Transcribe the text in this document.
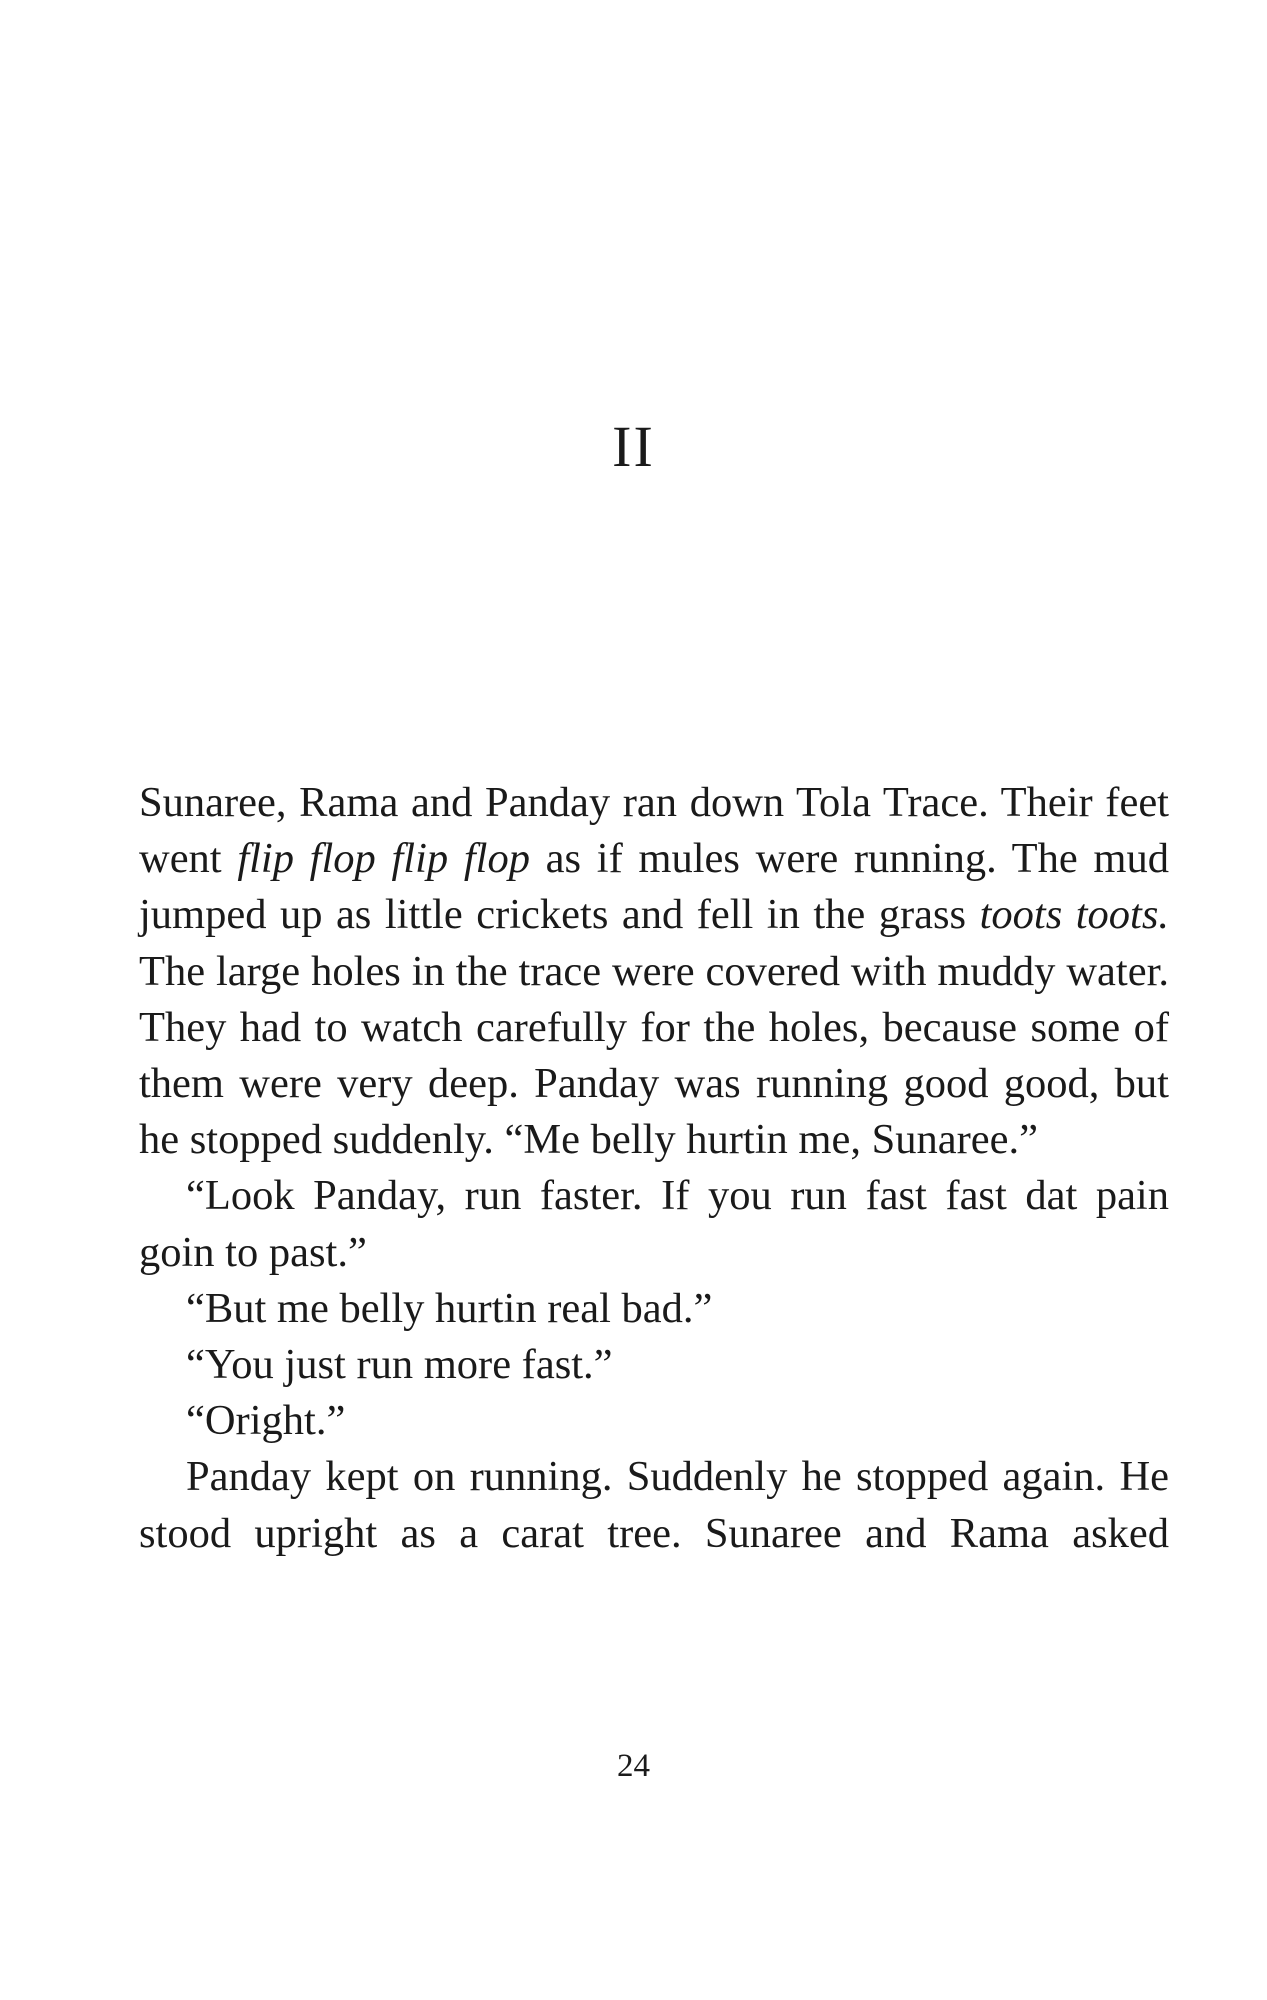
II

Sunaree, Rama and Panday ran down Tola Trace. Their feet went flip flop flip flop as if mules were running. The mud jumped up as little crickets and fell in the grass toots toots. The large holes in the trace were covered with muddy water. They had to watch carefully for the holes, because some of them were very deep. Panday was running good good, but he stopped suddenly. “Me belly hurtin me, Sunaree.”

“Look Panday, run faster. If you run fast fast dat pain goin to past.”

“But me belly hurtin real bad.”

“You just run more fast.”

“Oright.”

Panday kept on running. Suddenly he stopped again. He stood upright as a carat tree. Sunaree and Rama asked

24
